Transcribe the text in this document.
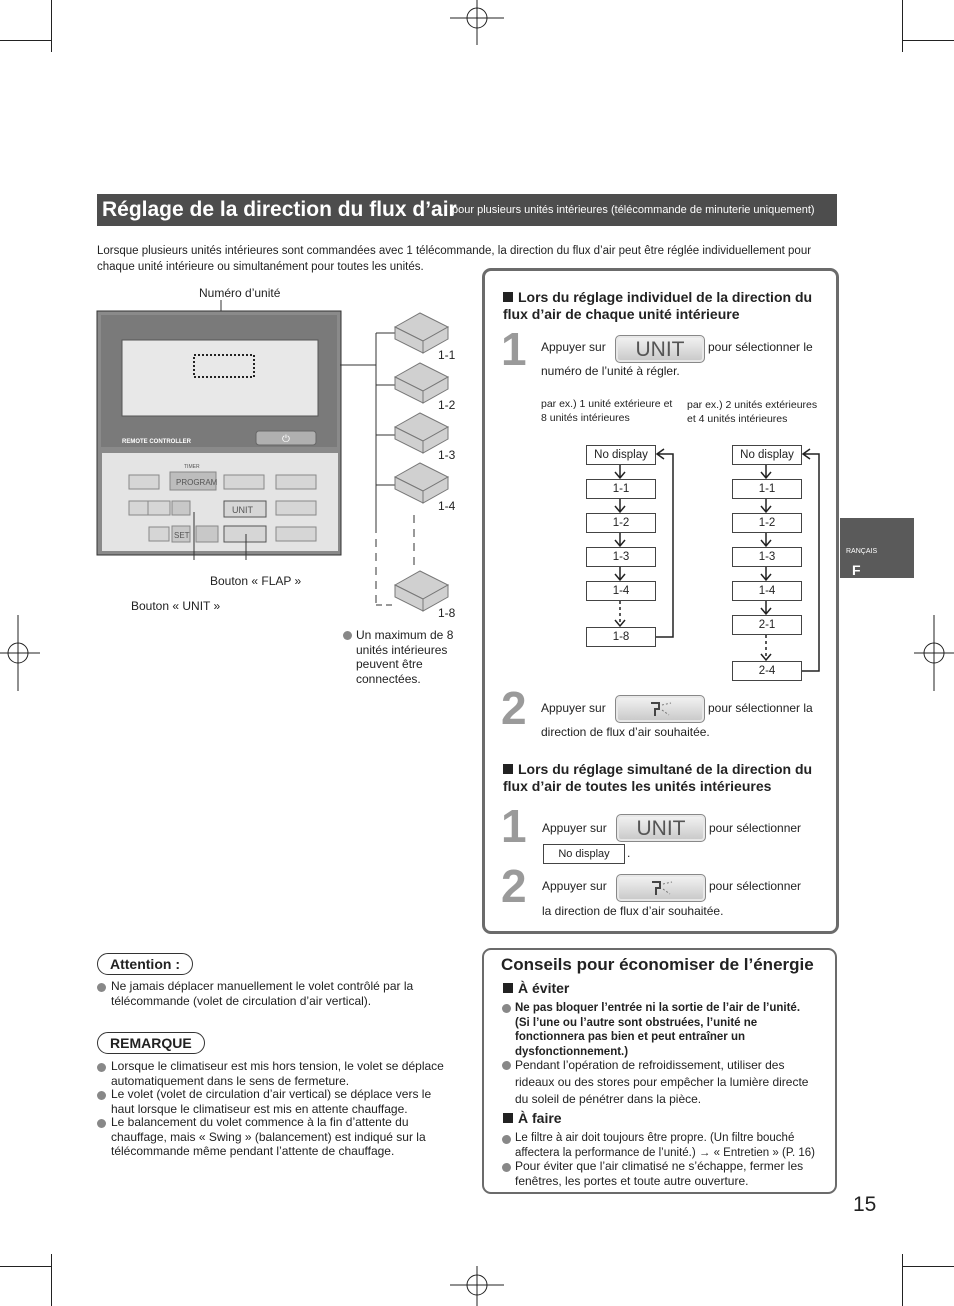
Réglage de la direction du flux d’air
pour plusieurs unités intérieures (télécommande de minuterie uniquement)
Lorsque plusieurs unités intérieures sont commandées avec 1 télécommande, la direction du flux d’air peut être réglée individuellement pour chaque unité intérieure ou simultanément pour toutes les unités.
Numéro d’unité
REMOTE CONTROLLER	⏻
PROGRAM
TIMER
UNIT
SET
Bouton « FLAP »
Bouton « UNIT »
1-1
1-2
1-3
1-4
1-8
Un maximum de 8 unités intérieures peuvent être connectées.
Lors du réglage individuel de la direction du flux d’air de chaque unité intérieure
1 Appuyer sur	UNIT	pour sélectionner le
numéro de l’unité à régler.
par ex.) 1 unité extérieure et 8 unités intérieures
par ex.) 2 unités extérieures et 4 unités intérieures
No display
1-1
1-2
1-3
1-4
1-8
No display
1-1
1-2
1-3
1-4
2-1
2-4
2 Appuyer sur	pour sélectionner la
direction de flux d’air souhaitée.
Lors du réglage simultané de la direction du flux d’air de toutes les unités intérieures
1 Appuyer sur	UNIT	pour sélectionner
No display	.
2 Appuyer sur	pour sélectionner
la direction de flux d’air souhaitée.
F
RANÇAIS
Attention :
Ne jamais déplacer manuellement le volet contrôlé par la télécommande (volet de circulation d’air vertical).
REMARQUE
Lorsque le climatiseur est mis hors tension, le volet se déplace automatiquement dans le sens de fermeture.
Le volet (volet de circulation d’air vertical) se déplace vers le haut lorsque le climatiseur est mis en attente chauffage.
Le balancement du volet commence à la fin d’attente du chauffage, mais « Swing » (balancement) est indiqué sur la télécommande même pendant l’attente de chauffage.
Conseils pour économiser de l’énergie
À éviter
Ne pas bloquer l’entrée ni la sortie de l’air de l’unité. (Si l’une ou l’autre sont obstruées, l’unité ne fonctionnera pas bien et peut entraîner un dysfonctionnement.)
Pendant l’opération de refroidissement, utiliser des rideaux ou des stores pour empêcher la lumière directe du soleil de pénétrer dans la pièce.
À faire
Le filtre à air doit toujours être propre. (Un filtre bouché affectera la performance de l’unité.) → « Entretien » (P. 16)
Pour éviter que l’air climatisé ne s’échappe, fermer les fenêtres, les portes et toute autre ouverture.
15
